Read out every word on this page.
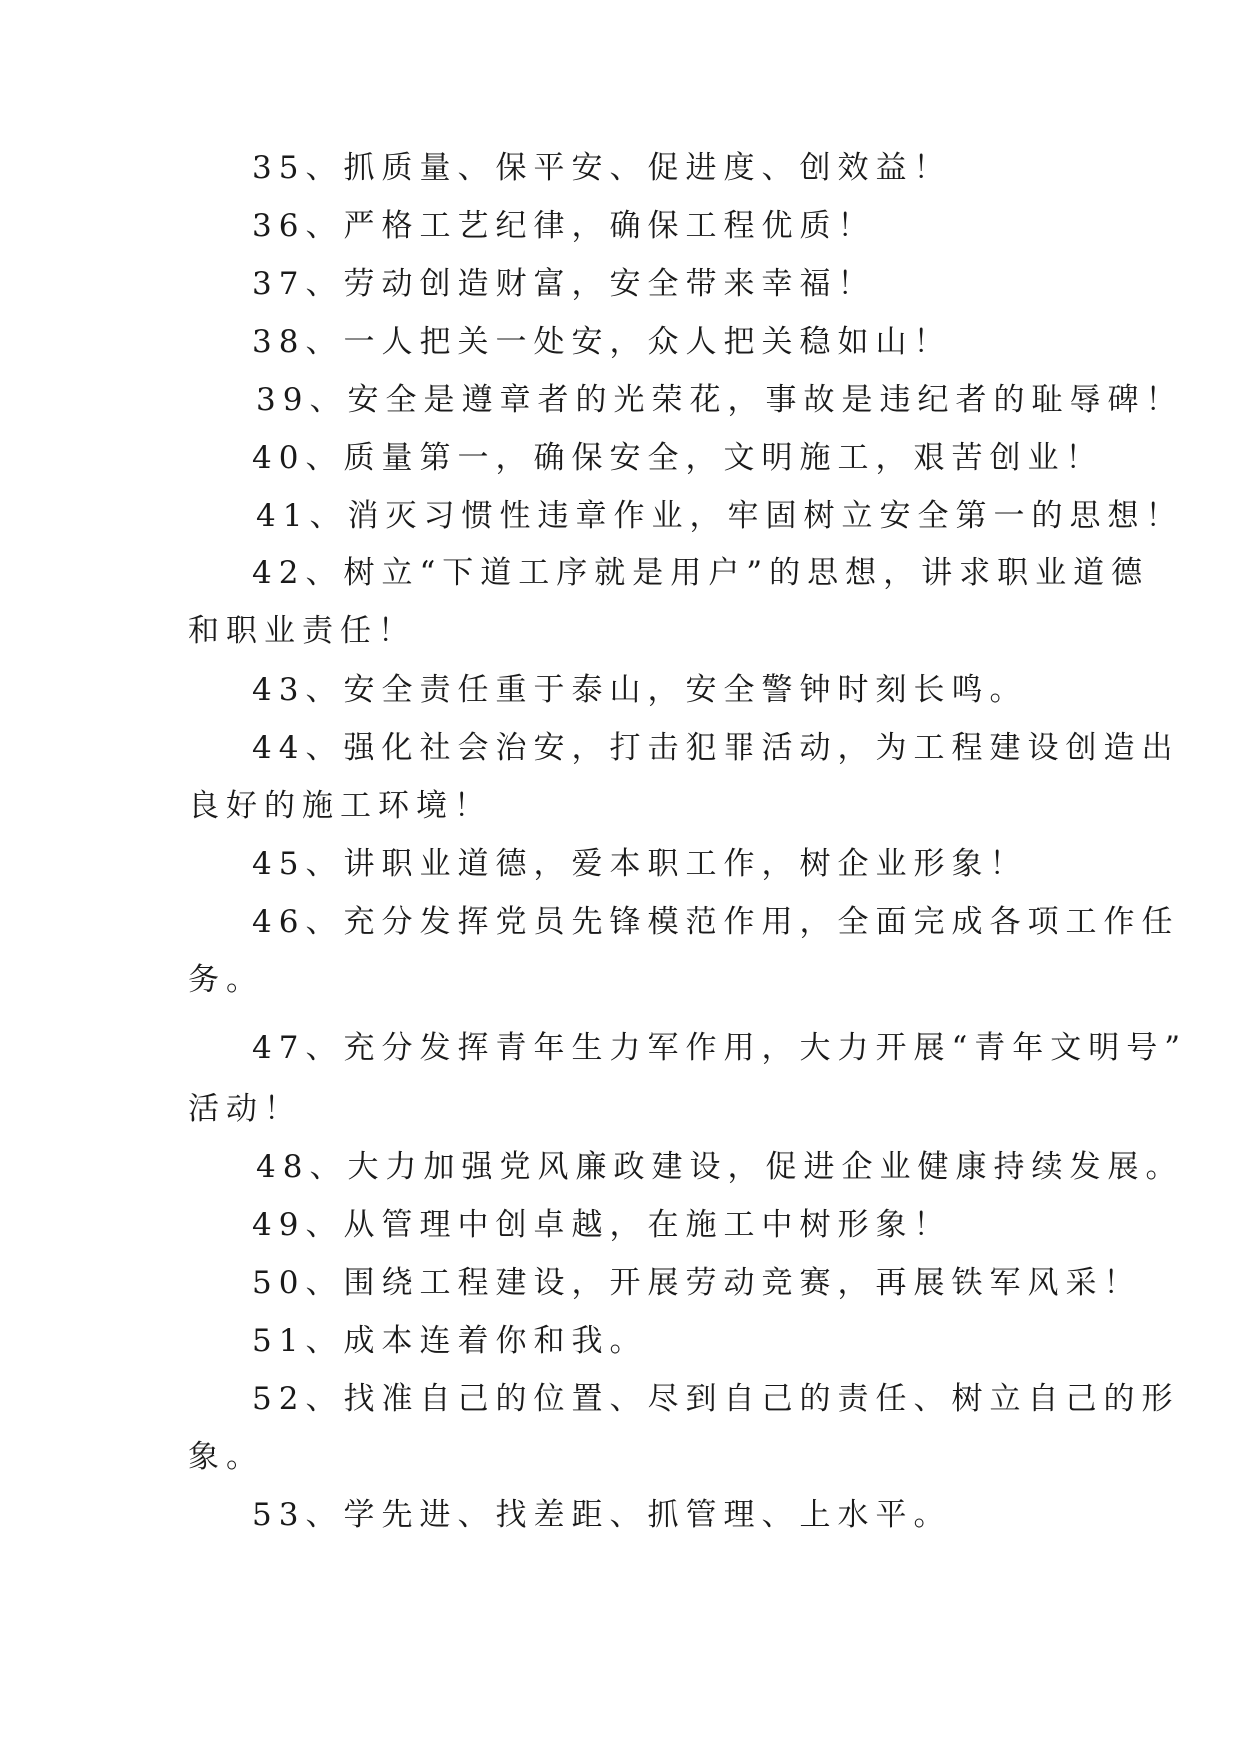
35、抓质量、保平安、促进度、创效益！
36、严格工艺纪律，确保工程优质！
37、劳动创造财富，安全带来幸福！
38、一人把关一处安，众人把关稳如山！
39、安全是遵章者的光荣花，事故是违纪者的耻辱碑！
40、质量第一，确保安全，文明施工，艰苦创业！
41、消灭习惯性违章作业，牢固树立安全第一的思想！
42、树立“下道工序就是用户”的思想，讲求职业道德
和职业责任！
43、安全责任重于泰山，安全警钟时刻长鸣。
44、强化社会治安，打击犯罪活动，为工程建设创造出
良好的施工环境！
45、讲职业道德，爱本职工作，树企业形象！
46、充分发挥党员先锋模范作用，全面完成各项工作任
务。
47、充分发挥青年生力军作用，大力开展“青年文明号”
活动！
48、大力加强党风廉政建设，促进企业健康持续发展。
49、从管理中创卓越，在施工中树形象！
50、围绕工程建设，开展劳动竞赛，再展铁军风采！
51、成本连着你和我。
52、找准自己的位置、尽到自己的责任、树立自己的形
象。
53、学先进、找差距、抓管理、上水平。
